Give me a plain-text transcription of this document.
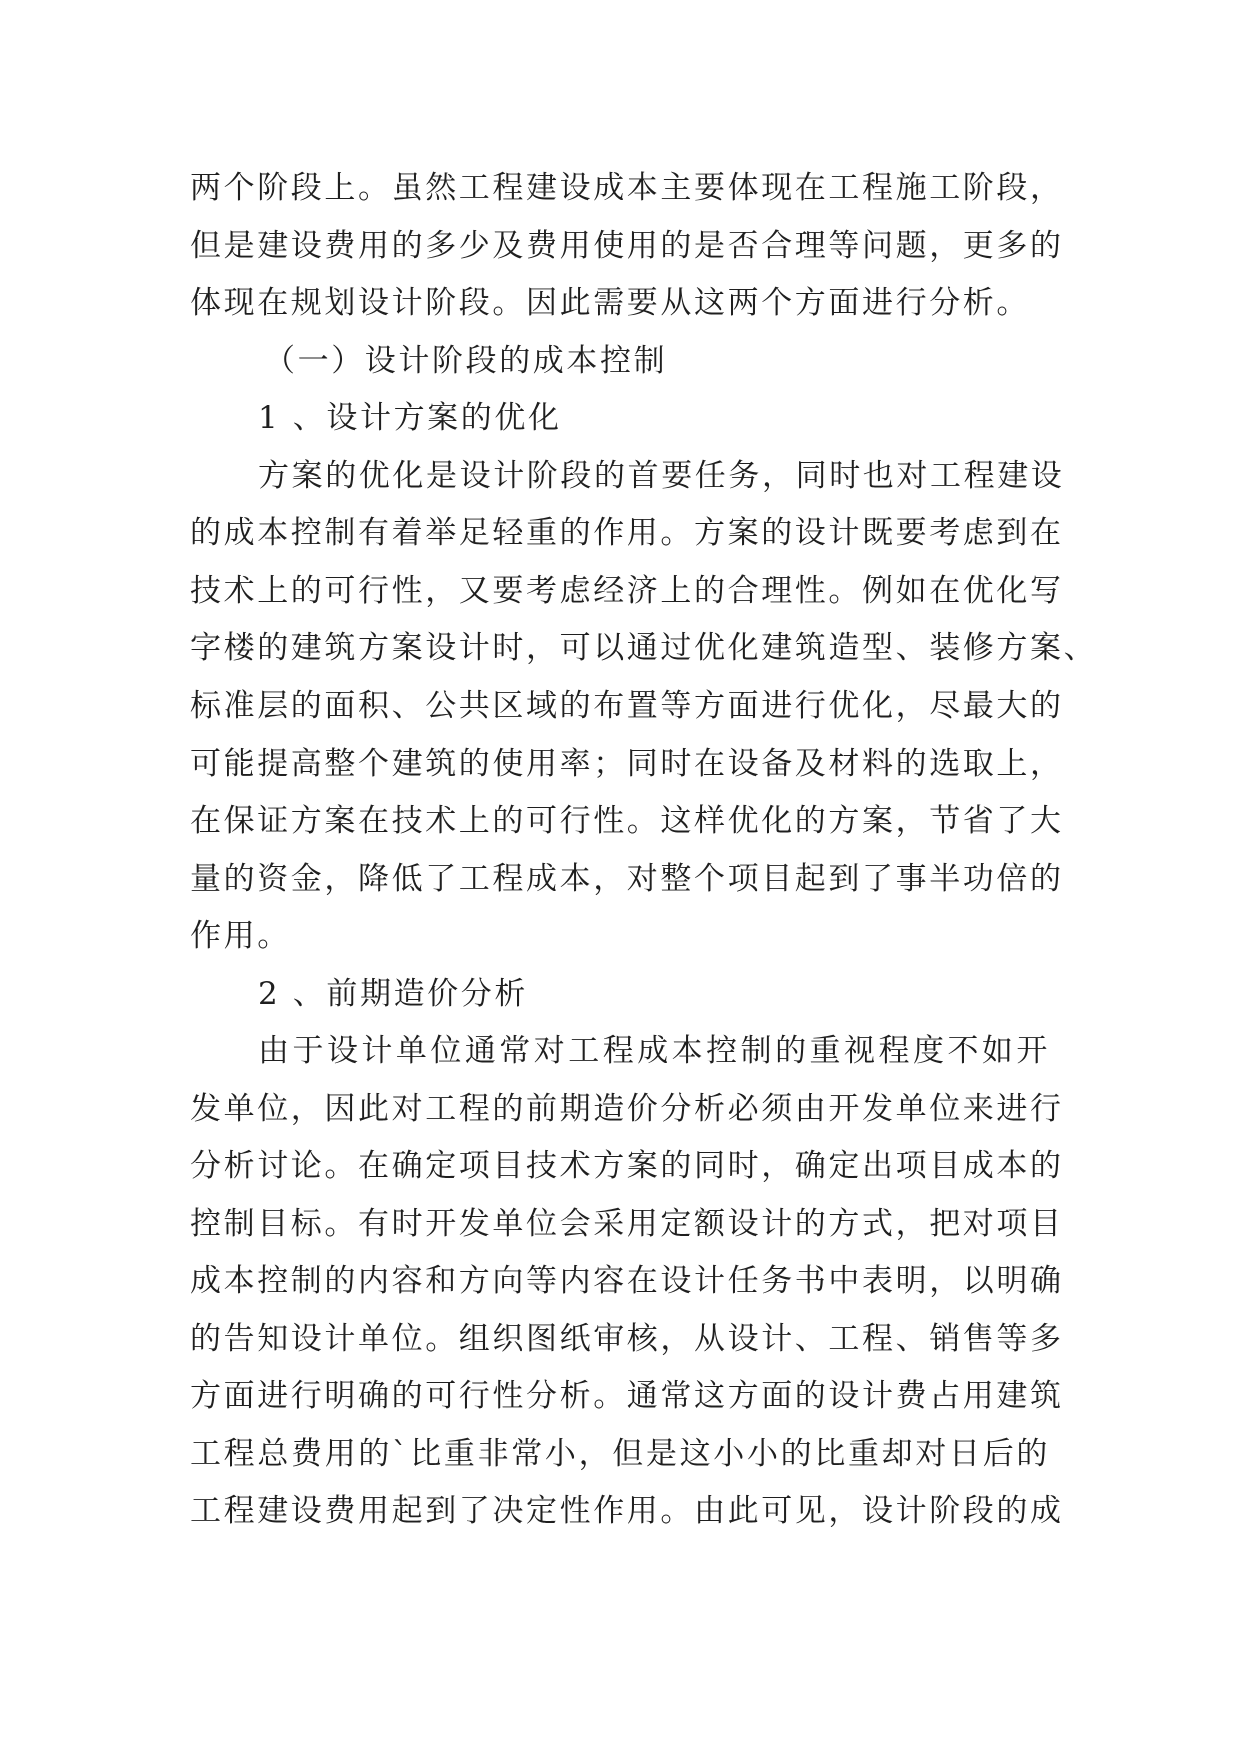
两个阶段上。虽然工程建设成本主要体现在工程施工阶段，
但是建设费用的多少及费用使用的是否合理等问题，更多的
体现在规划设计阶段。因此需要从这两个方面进行分析。
（一）设计阶段的成本控制
1 、设计方案的优化
方案的优化是设计阶段的首要任务，同时也对工程建设
的成本控制有着举足轻重的作用。方案的设计既要考虑到在
技术上的可行性，又要考虑经济上的合理性。例如在优化写
字楼的建筑方案设计时，可以通过优化建筑造型、装修方案、
标准层的面积、公共区域的布置等方面进行优化，尽最大的
可能提高整个建筑的使用率；同时在设备及材料的选取上，
在保证方案在技术上的可行性。这样优化的方案，节省了大
量的资金，降低了工程成本，对整个项目起到了事半功倍的
作用。
2 、前期造价分析
由于设计单位通常对工程成本控制的重视程度不如开
发单位，因此对工程的前期造价分析必须由开发单位来进行
分析讨论。在确定项目技术方案的同时，确定出项目成本的
控制目标。有时开发单位会采用定额设计的方式，把对项目
成本控制的内容和方向等内容在设计任务书中表明，以明确
的告知设计单位。组织图纸审核，从设计、工程、销售等多
方面进行明确的可行性分析。通常这方面的设计费占用建筑
工程总费用的`比重非常小，但是这小小的比重却对日后的
工程建设费用起到了决定性作用。由此可见，设计阶段的成
